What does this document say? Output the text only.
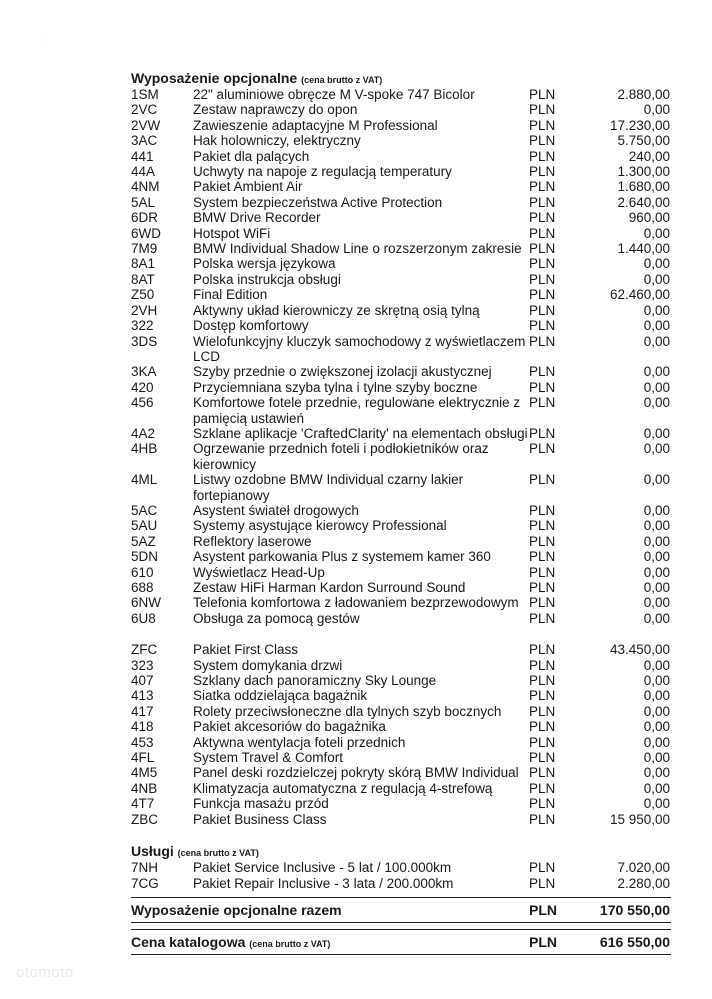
ˇ
Wyposażenie opcjonalne (cena brutto z VAT)
1SM	22" aluminiowe obręcze M V-spoke 747 Bicolor	PLN	2.880,00
2VC	Zestaw naprawczy do opon	PLN	0,00
2VW	Zawieszenie adaptacyjne M Professional	PLN	17.230,00
3AC	Hak holowniczy, elektryczny	PLN	5.750,00
441	Pakiet dla palących	PLN	240,00
44A	Uchwyty na napoje z regulacją temperatury	PLN	1.300,00
4NM	Pakiet Ambient Air	PLN	1.680,00
5AL	System bezpieczeństwa Active Protection	PLN	2.640,00
6DR	BMW Drive Recorder	PLN	960,00
6WD	Hotspot WiFi	PLN	0,00
7M9	BMW Individual Shadow Line o rozszerzonym zakresie PLN	1.440,00
8A1	Polska wersja językowa	PLN	0,00
8AT	Polska instrukcja obsługi	PLN	0,00
Z50	Final Edition	PLN	62.460,00
2VH	Aktywny układ kierowniczy ze skrętną osią tylną	PLN	0,00
322	Dostęp komfortowy	PLN	0,00
3DS	Wielofunkcyjny kluczyk samochodowy z wyświetlaczem
LCD
PLN	0,00
3KA	Szyby przednie o zwiększonej izolacji akustycznej	PLN	0,00
420	Przyciemniana szyba tylna i tylne szyby boczne	PLN	0,00
456	Komfortowe fotele przednie, regulowane elektrycznie z
pamięcią ustawień
PLN	0,00
4A2	Szklane aplikacje 'CraftedClarity' na elementach obsługi PLN	0,00
4HB	Ogrzewanie przednich foteli i podłokietników oraz
kierownicy
PLN	0,00
4ML	Listwy ozdobne BMW Individual czarny lakier
fortepianowy
PLN	0,00
5AC	Asystent świateł drogowych	PLN	0,00
5AU	Systemy asystujące kierowcy Professional	PLN	0,00
5AZ	Reflektory laserowe	PLN	0,00
5DN	Asystent parkowania Plus z systemem kamer 360	PLN	0,00
610	Wyświetlacz Head-Up	PLN	0,00
688	Zestaw HiFi Harman Kardon Surround Sound	PLN	0,00
6NW	Telefonia komfortowa z ładowaniem bezprzewodowym PLN	0,00
6U8	Obsługa za pomocą gestów	PLN	0,00
ZFC	Pakiet First Class	PLN	43.450,00
323	System domykania drzwi	PLN	0,00
407	Szklany dach panoramiczny Sky Lounge	PLN	0,00
413	Siatka oddzielająca bagażnik	PLN	0,00
417	Rolety przeciwsłoneczne dla tylnych szyb bocznych	PLN	0,00
418	Pakiet akcesoriów do bagażnika	PLN	0,00
453	Aktywna wentylacja foteli przednich	PLN	0,00
4FL	System Travel & Comfort	PLN	0,00
4M5	Panel deski rozdzielczej pokryty skórą BMW Individual PLN	0,00
4NB	Klimatyzacja automatyczna z regulacją 4-strefową	PLN	0,00
4T7	Funkcja masażu przód	PLN	0,00
ZBC	Pakiet Business Class	PLN	15 950,00
Usługi (cena brutto z VAT)
7NH	Pakiet Service Inclusive - 5 lat / 100.000km	PLN	7.020,00
7CG	Pakiet Repair Inclusive - 3 lata / 200.000km	PLN	2.280,00
Wyposażenie opcjonalne razem	PLN	170 550,00
Cena katalogowa (cena brutto z VAT)	PLN	616 550,00
otomoto
